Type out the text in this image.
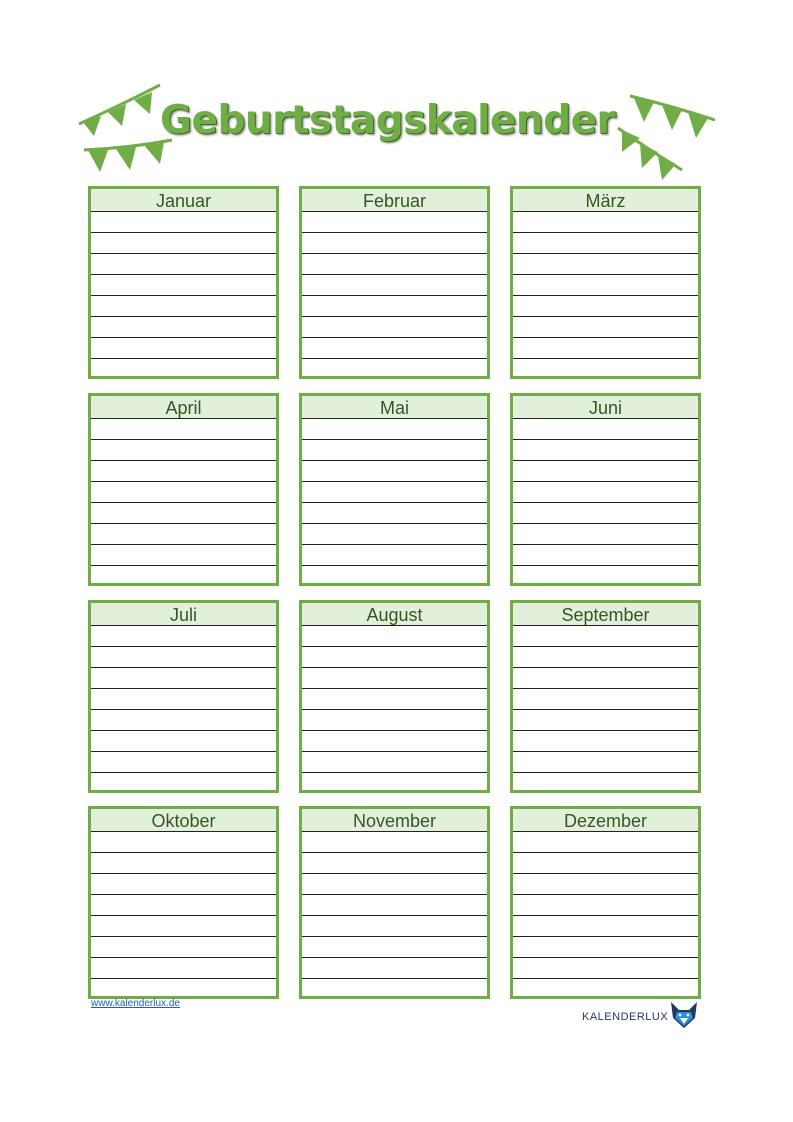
Geburtstagskalender
Januar	Februar	März
April	Mai	Juni
Juli	August	September
Oktober	November	Dezember
www.kalenderlux.de
KALENDERLUX
